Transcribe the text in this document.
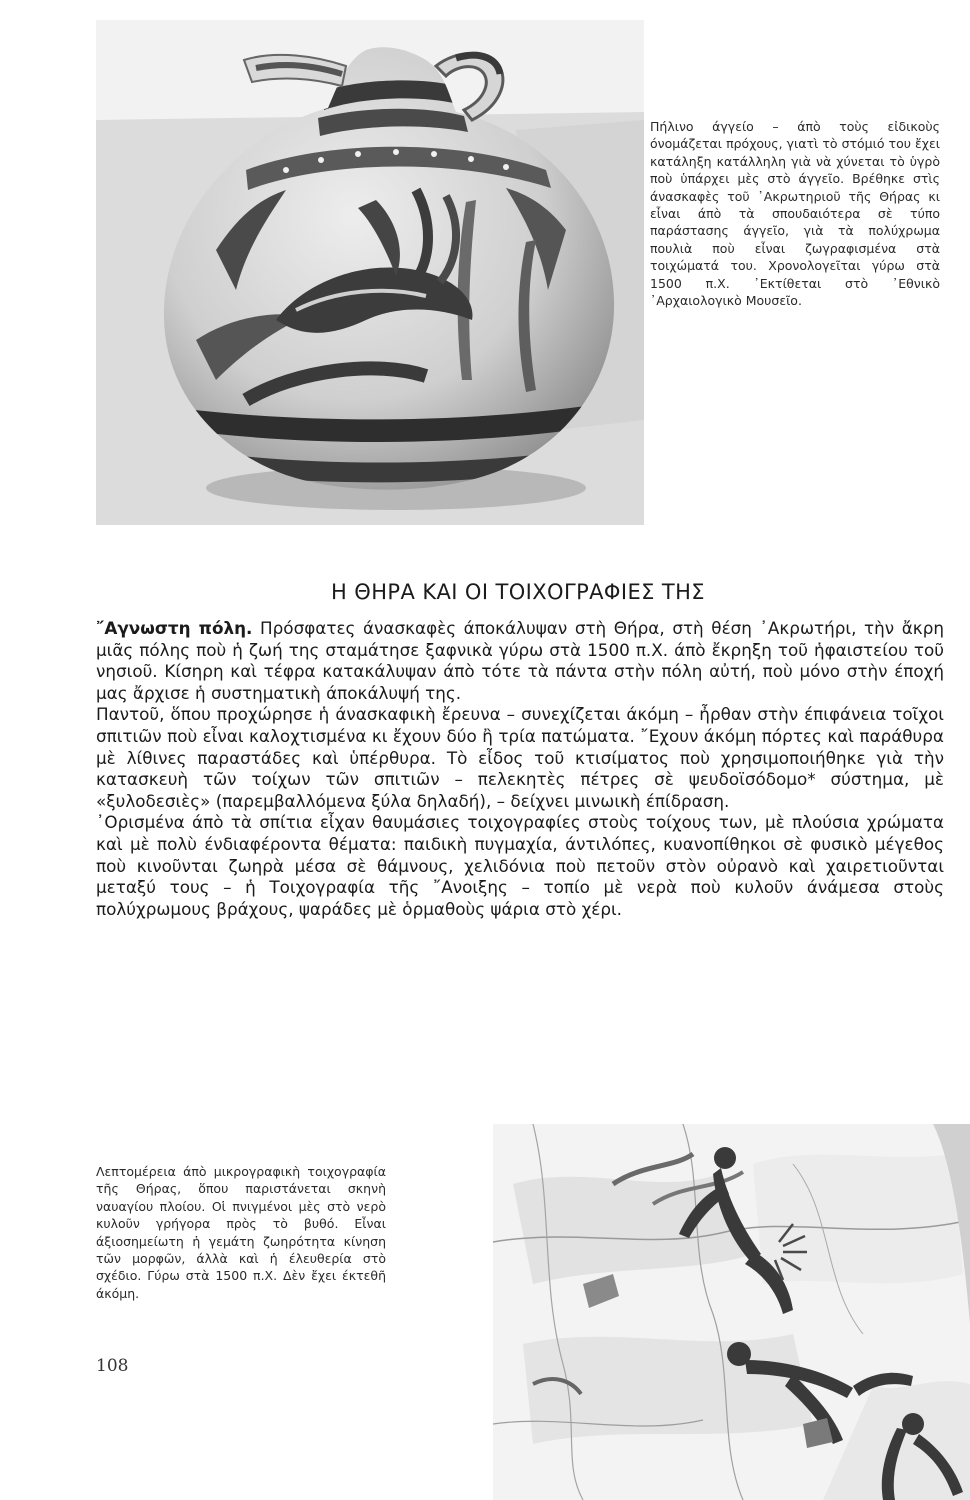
Πήλινο άγγείο – άπὸ τοὺς εἰδικοὺς όνομάζεται πρόχους, γιατὶ τὸ στόμιό του ἔχει κατάληξη κατάλληλη γιὰ νὰ χύνεται τὸ ὑγρὸ ποὺ ὑπάρχει μὲς στὸ άγγεῖο. Βρέθηκε στὶς άνασκαφὲς τοῦ ᾿Ακρωτηριοῦ τῆς Θήρας κι εἶναι άπὸ τὰ σπουδαιότερα σὲ τύπο παράστασης άγγεῖο, γιὰ τὰ πολύχρωμα πουλιὰ ποὺ εἶναι ζωγραφισμένα στὰ τοιχώματά του. Χρονολογεῖται γύρω στὰ 1500 π.Χ. ᾿Εκτίθεται στὸ ᾿Εθνικὸ ᾿Αρχαιολογικὸ Μουσεῖο.
Η ΘΗΡΑ ΚΑΙ ΟΙ ΤΟΙΧΟΓΡΑΦΙΕΣ ΤΗΣ

῎Αγνωστη πόλη. Πρόσφατες άνασκαφὲς άποκάλυψαν στὴ Θήρα, στὴ θέση ᾿Ακρωτήρι, τὴν ἄκρη μιᾶς πόλης ποὺ ἡ ζωή της σταμάτησε ξαφνικὰ γύρω στὰ 1500 π.Χ. άπὸ ἔκρηξη τοῦ ἡφαιστείου τοῦ νησιοῦ. Κίσηρη καὶ τέφρα κατακάλυψαν άπὸ τότε τὰ πάντα στὴν πόλη αὐτή, ποὺ μόνο στὴν έποχή μας ἄρχισε ἡ συστηματικὴ άποκάλυψή της.

Παντοῦ, ὅπου προχώρησε ἡ άνασκαφικὴ ἔρευνα – συνεχίζεται άκόμη – ἦρθαν στὴν έπιφάνεια τοῖχοι σπιτιῶν ποὺ εἶναι καλοχτισμένα κι ἔχουν δύο ἢ τρία πατώματα. ῎Εχουν άκόμη πόρτες καὶ παράθυρα μὲ λίθινες παραστάδες καὶ ὑπέρθυρα. Τὸ εἶδος τοῦ κτισίματος ποὺ χρησιμοποιήθηκε γιὰ τὴν κατασκευὴ τῶν τοίχων τῶν σπιτιῶν – πελεκητὲς πέτρες σὲ ψευδοϊσόδομο* σύστημα, μὲ «ξυλοδεσιὲς» (παρεμβαλλόμενα ξύλα δηλαδή), – δείχνει μινωικὴ έπίδραση.

᾿Ορισμένα άπὸ τὰ σπίτια εἶχαν θαυμάσιες τοιχογραφίες στοὺς τοίχους των, μὲ πλούσια χρώματα καὶ μὲ πολὺ ένδιαφέροντα θέματα: παιδικὴ πυγμαχία, άντιλόπες, κυανοπίθηκοι σὲ φυσικὸ μέγεθος ποὺ κινοῦνται ζωηρὰ μέσα σὲ θάμνους, χελιδόνια ποὺ πετοῦν στὸν οὐρανὸ καὶ χαιρετιοῦνται μεταξύ τους – ἡ Τοιχογραφία τῆς ῎Ανοιξης – τοπίο μὲ νερὰ ποὺ κυλοῦν άνάμεσα στοὺς πολύχρωμους βράχους, ψαράδες μὲ ὁρμαθοὺς ψάρια στὸ χέρι.

Λεπτομέρεια άπὸ μικρογραφικὴ τοιχογραφία τῆς Θήρας, ὅπου παριστάνεται σκηνὴ ναυαγίου πλοίου. Οἱ πνιγμένοι μὲς στὸ νερὸ κυλοῦν γρήγορα πρὸς τὸ βυθό. Εἶναι άξιοσημείωτη ἡ γεμάτη ζωηρότητα κίνηση τῶν μορφῶν, άλλὰ καὶ ἡ έλευθερία στὸ σχέδιο. Γύρω στὰ 1500 π.Χ. Δὲν ἔχει έκτεθῆ άκόμη.
108
